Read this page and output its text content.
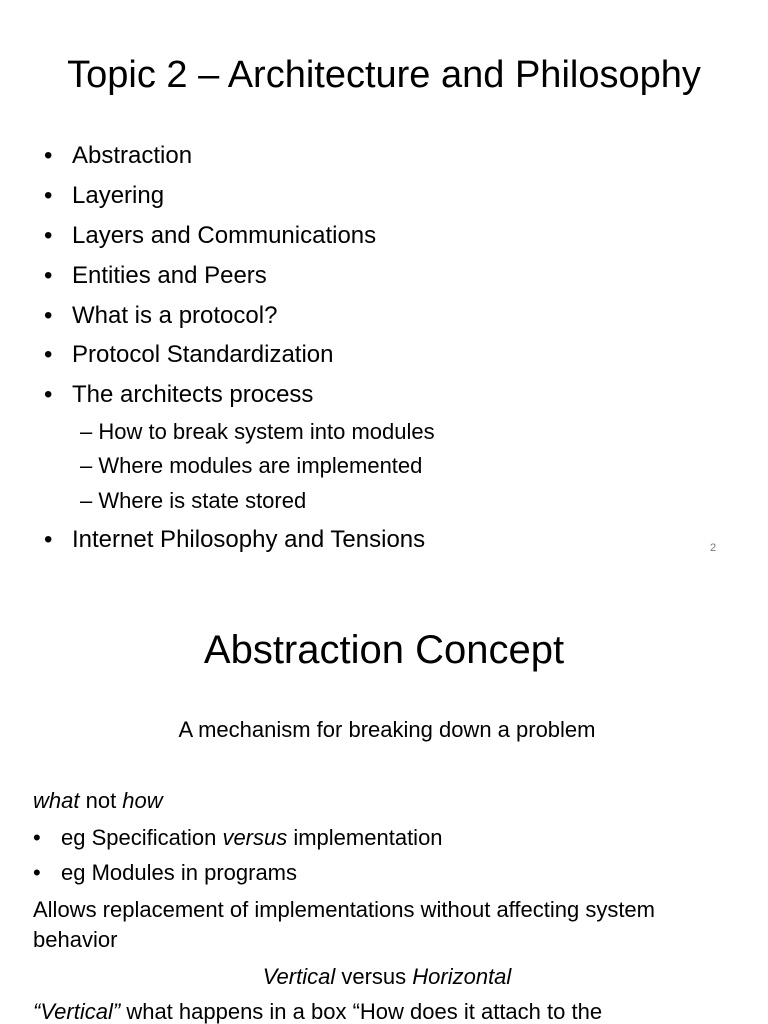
Topic 2 – Architecture and Philosophy
• Abstraction
• Layering
• Layers and Communications
• Entities and Peers
• What is a protocol?
• Protocol Standardization
• The architects process
– How to break system into modules
– Where modules are implemented
– Where is state stored
• Internet Philosophy and Tensions	2
Abstraction Concept
A mechanism for breaking down a problem
what not how
• eg Specification versus implementation
• eg Modules in programs
Allows replacement of implementations without affecting system
behavior
Vertical versus Horizontal
“Vertical” what happens in a box “How does it attach to the
